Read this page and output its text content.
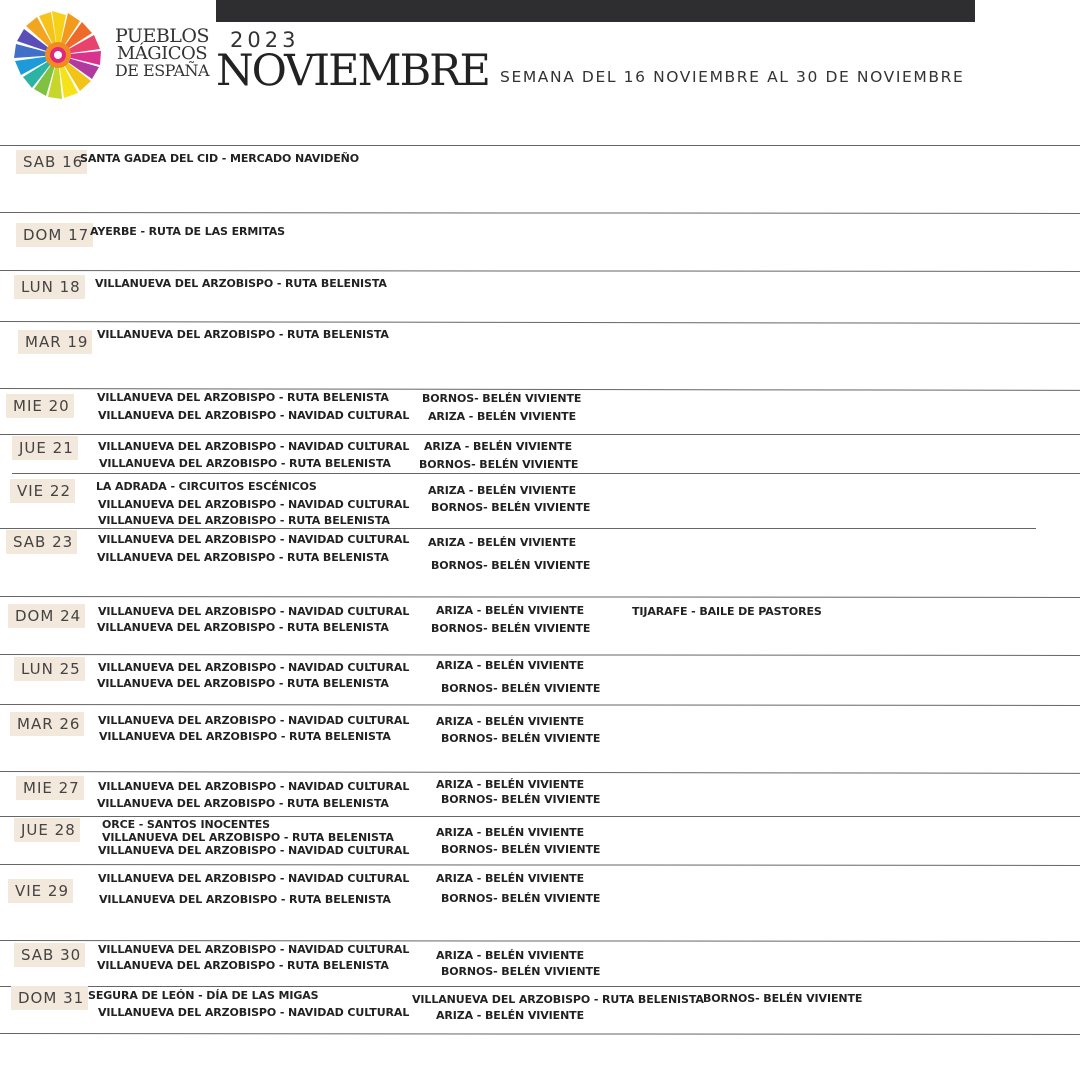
PUEBLOS
MÁGICOS
DE ESPAÑA
2023
NOVIEMBRE SEMANA DEL 16 NOVIEMBRE AL 30 DE NOVIEMBRE
SAB 16
DOM 17
LUN 18
MAR 19
MIE 20
JUE 21
VIE 22
SAB 23
DOM 24
LUN 25
MAR 26
MIE 27
JUE 28
VIE 29
SAB 30
DOM 31
SANTA GADEA DEL CID - MERCADO NAVIDEÑO
AYERBE - RUTA DE LAS ERMITAS
VILLANUEVA DEL ARZOBISPO - RUTA BELENISTA
VILLANUEVA DEL ARZOBISPO - RUTA BELENISTA
VILLANUEVA DEL ARZOBISPO - RUTA BELENISTA
VILLANUEVA DEL ARZOBISPO - NAVIDAD CULTURAL
BORNOS- BELÉN VIVIENTE
ARIZA - BELÉN VIVIENTE
VILLANUEVA DEL ARZOBISPO - NAVIDAD CULTURAL
VILLANUEVA DEL ARZOBISPO - RUTA BELENISTA
ARIZA - BELÉN VIVIENTE
BORNOS- BELÉN VIVIENTE
LA ADRADA - CIRCUITOS ESCÉNICOS
VILLANUEVA DEL ARZOBISPO - NAVIDAD CULTURAL
VILLANUEVA DEL ARZOBISPO - RUTA BELENISTA
ARIZA - BELÉN VIVIENTE
BORNOS- BELÉN VIVIENTE
VILLANUEVA DEL ARZOBISPO - NAVIDAD CULTURAL
VILLANUEVA DEL ARZOBISPO - RUTA BELENISTA
ARIZA - BELÉN VIVIENTE
BORNOS- BELÉN VIVIENTE
VILLANUEVA DEL ARZOBISPO - NAVIDAD CULTURAL
VILLANUEVA DEL ARZOBISPO - RUTA BELENISTA
ARIZA - BELÉN VIVIENTE
BORNOS- BELÉN VIVIENTE
TIJARAFE - BAILE DE PASTORES
VILLANUEVA DEL ARZOBISPO - NAVIDAD CULTURAL
VILLANUEVA DEL ARZOBISPO - RUTA BELENISTA
ARIZA - BELÉN VIVIENTE
BORNOS- BELÉN VIVIENTE
VILLANUEVA DEL ARZOBISPO - NAVIDAD CULTURAL
VILLANUEVA DEL ARZOBISPO - RUTA BELENISTA
ARIZA - BELÉN VIVIENTE
BORNOS- BELÉN VIVIENTE
VILLANUEVA DEL ARZOBISPO - NAVIDAD CULTURAL
VILLANUEVA DEL ARZOBISPO - RUTA BELENISTA
ARIZA - BELÉN VIVIENTE
BORNOS- BELÉN VIVIENTE
ORCE - SANTOS INOCENTES
VILLANUEVA DEL ARZOBISPO - RUTA BELENISTA
VILLANUEVA DEL ARZOBISPO - NAVIDAD CULTURAL
ARIZA - BELÉN VIVIENTE
BORNOS- BELÉN VIVIENTE
VILLANUEVA DEL ARZOBISPO - NAVIDAD CULTURAL
VILLANUEVA DEL ARZOBISPO - RUTA BELENISTA
ARIZA - BELÉN VIVIENTE
BORNOS- BELÉN VIVIENTE
VILLANUEVA DEL ARZOBISPO - NAVIDAD CULTURAL
VILLANUEVA DEL ARZOBISPO - RUTA BELENISTA
ARIZA - BELÉN VIVIENTE
BORNOS- BELÉN VIVIENTE
SEGURA DE LEÓN - DÍA DE LAS MIGAS
VILLANUEVA DEL ARZOBISPO - NAVIDAD CULTURAL
VILLANUEVA DEL ARZOBISPO - RUTA BELENISTA
ARIZA - BELÉN VIVIENTE
BORNOS- BELÉN VIVIENTE
